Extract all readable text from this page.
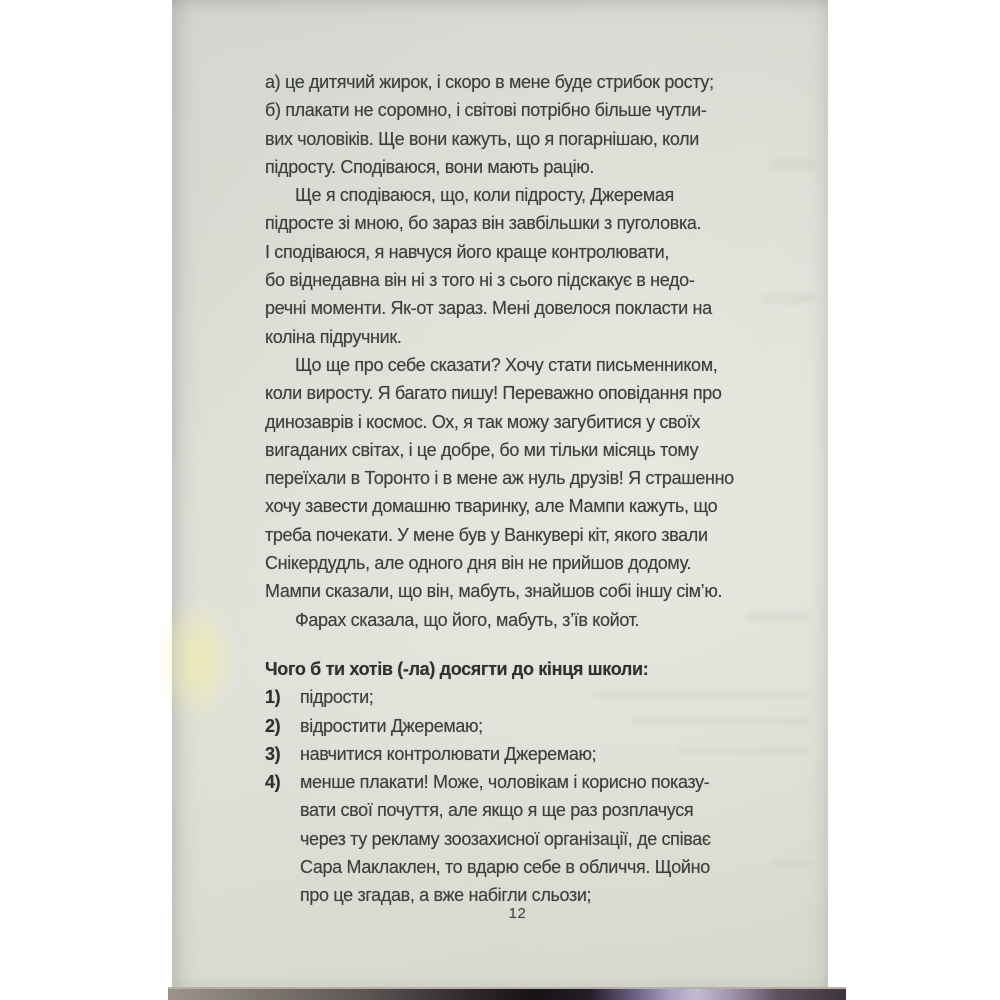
а) це дитячий жирок, і скоро в мене буде стрибок росту;
б) плакати не соромно, і світові потрібно більше чутли-
вих чоловіків. Ще вони кажуть, що я погарнішаю, коли
підросту. Сподіваюся, вони мають рацію.
Ще я сподіваюся, що, коли підросту, Джеремая
підросте зі мною, бо зараз він завбільшки з пуголовка.
І сподіваюся, я навчуся його краще контролювати,
бо віднедавна він ні з того ні з сього підскакує в недо-
речні моменти. Як-от зараз. Мені довелося покласти на
коліна підручник.
Що ще про себе сказати? Хочу стати письменником,
коли виросту. Я багато пишу! Переважно оповідання про
динозаврів і космос. Ох, я так можу загубитися у своїх
вигаданих світах, і це добре, бо ми тільки місяць тому
переїхали в Торонто і в мене аж нуль друзів! Я страшенно
хочу завести домашню тваринку, але Мампи кажуть, що
треба почекати. У мене був у Ванкувері кіт, якого звали
Снікердудль, але одного дня він не прийшов додому.
Мампи сказали, що він, мабуть, знайшов собі іншу сім’ю.
Фарах сказала, що його, мабуть, з’їв койот.
Чого б ти хотів (-ла) досягти до кінця школи:
1)	підрости;
2)	відростити Джеремаю;
3)	навчитися контролювати Джеремаю;
4)	менше плакати! Може, чоловікам і корисно показу-
вати свої почуття, але якщо я ще раз розплачуся
через ту рекламу зоозахисної організації, де співає
Сара Маклаклен, то вдарю себе в обличчя. Щойно
про це згадав, а вже набігли сльози;
12
